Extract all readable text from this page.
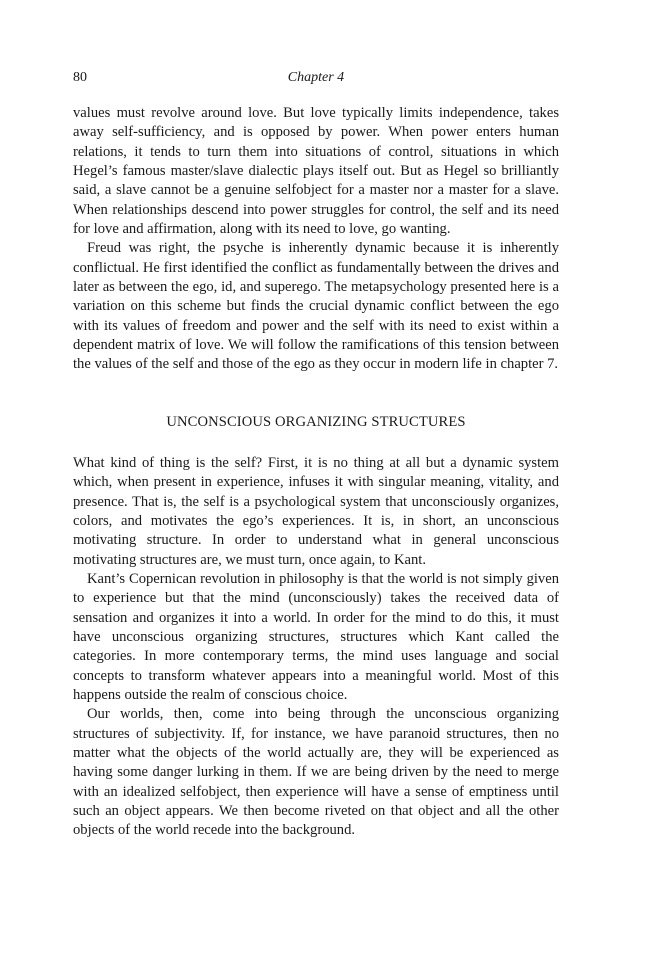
80	Chapter 4

values must revolve around love. But love typically limits independence, takes away self-sufficiency, and is opposed by power. When power enters human relations, it tends to turn them into situations of control, situations in which Hegel’s famous master/slave dialectic plays itself out. But as Hegel so brilliantly said, a slave cannot be a genuine selfobject for a master nor a master for a slave. When relationships descend into power struggles for control, the self and its need for love and affirmation, along with its need to love, go wanting.

Freud was right, the psyche is inherently dynamic because it is inherently conflictual. He first identified the conflict as fundamentally between the drives and later as between the ego, id, and superego. The metapsychology presented here is a variation on this scheme but finds the crucial dynamic conflict between the ego with its values of freedom and power and the self with its need to exist within a dependent matrix of love. We will follow the ramifications of this tension between the values of the self and those of the ego as they occur in modern life in chapter 7.

UNCONSCIOUS ORGANIZING STRUCTURES

What kind of thing is the self? First, it is no thing at all but a dynamic system which, when present in experience, infuses it with singular meaning, vitality, and presence. That is, the self is a psychological system that unconsciously organizes, colors, and motivates the ego’s experiences. It is, in short, an unconscious motivating structure. In order to understand what in general unconscious motivating structures are, we must turn, once again, to Kant.

Kant’s Copernican revolution in philosophy is that the world is not simply given to experience but that the mind (unconsciously) takes the received data of sensation and organizes it into a world. In order for the mind to do this, it must have unconscious organizing structures, structures which Kant called the categories. In more contemporary terms, the mind uses language and social concepts to transform whatever appears into a meaningful world. Most of this happens outside the realm of conscious choice.

Our worlds, then, come into being through the unconscious organizing structures of subjectivity. If, for instance, we have paranoid structures, then no matter what the objects of the world actually are, they will be experienced as having some danger lurking in them. If we are being driven by the need to merge with an idealized selfobject, then experience will have a sense of emptiness until such an object appears. We then become riveted on that object and all the other objects of the world recede into the background.
